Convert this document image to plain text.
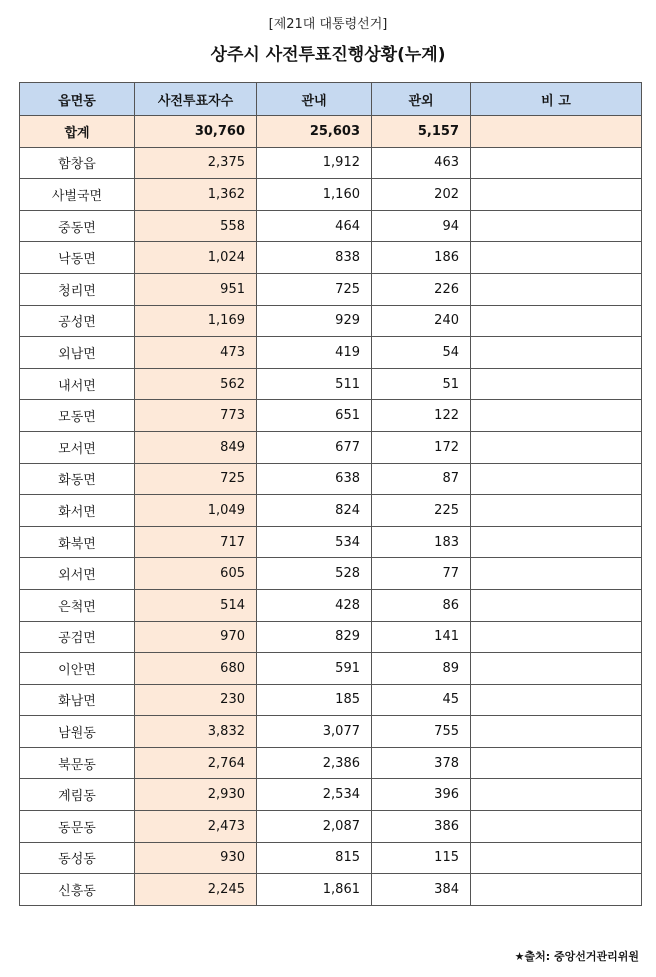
[제21대 대통령선거]
상주시 사전투표진행상황(누계)
읍면동	사전투표자수	관내	관외	비 고
합계	30,760	25,603	5,157	
함창읍	2,375	1,912	463	
사벌국면	1,362	1,160	202	
중동면	558	464	94	
낙동면	1,024	838	186	
청리면	951	725	226	
공성면	1,169	929	240	
외남면	473	419	54	
내서면	562	511	51	
모동면	773	651	122	
모서면	849	677	172	
화동면	725	638	87	
화서면	1,049	824	225	
화북면	717	534	183	
외서면	605	528	77	
은척면	514	428	86	
공검면	970	829	141	
이안면	680	591	89	
화남면	230	185	45	
남원동	3,832	3,077	755	
북문동	2,764	2,386	378	
계림동	2,930	2,534	396	
동문동	2,473	2,087	386	
동성동	930	815	115	
신흥동	2,245	1,861	384	
★출처: 중앙선거관리위원
